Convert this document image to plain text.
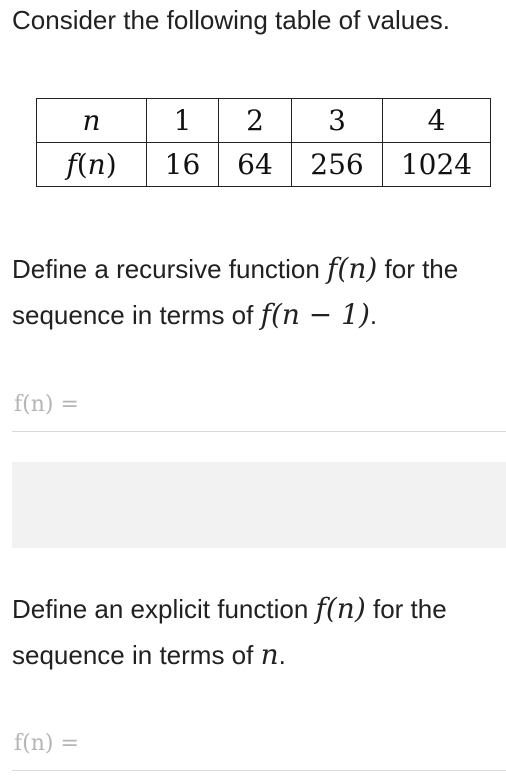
Consider the following table of values.

n	1	2	3	4
f(n)	16	64	256	1024

Define a recursive function f(n) for the sequence in terms of f(n − 1).

f(n) =

Define an explicit function f(n) for the sequence in terms of n.

f(n) =
